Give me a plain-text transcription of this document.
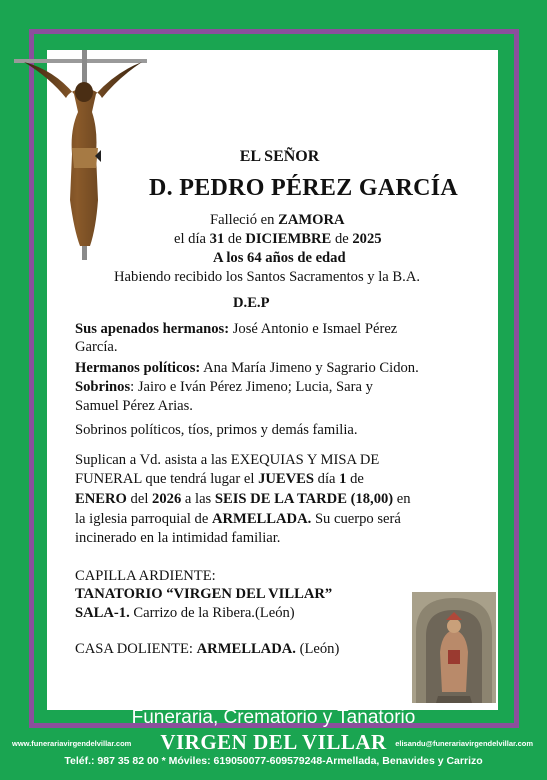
EL SEÑOR
D. PEDRO PÉREZ GARCÍA
Falleció en ZAMORA
el día 31 de DICIEMBRE de 2025
A los 64 años de edad
Habiendo recibido los Santos Sacramentos y la B.A.
D.E.P
Sus apenados hermanos: José Antonio e Ismael Pérez
García.
Hermanos políticos: Ana María Jimeno y Sagrario Cidon.
Sobrinos: Jairo e Iván Pérez Jimeno; Lucia, Sara y
Samuel Pérez Arias.
Sobrinos políticos, tíos, primos y demás familia.
Suplican a Vd. asista a las EXEQUIAS Y MISA DE
FUNERAL que tendrá lugar el JUEVES día 1 de
ENERO del 2026 a las SEIS DE LA TARDE (18,00) en
la iglesia parroquial de ARMELLADA. Su cuerpo será
incinerado en la intimidad familiar.
CAPILLA ARDIENTE:
TANATORIO “VIRGEN DEL VILLAR”
SALA-1. Carrizo de la Ribera.(León)
CASA DOLIENTE: ARMELLADA. (León)
Funeraria, Crematorio y Tanatorio
VIRGEN DEL VILLAR
www.funerariavirgendelvillar.com	elisandu@funerariavirgendelvillar.com
Teléf.: 987 35 82 00 * Móviles: 619050077-609579248-Armellada, Benavides y Carrizo
